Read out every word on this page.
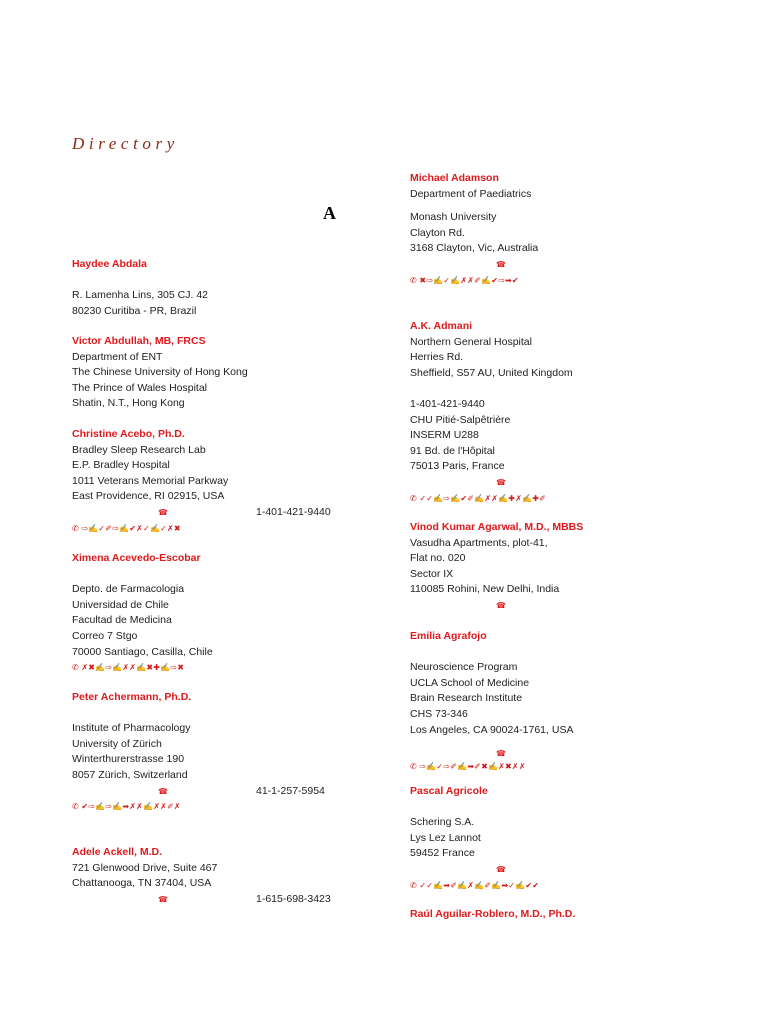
Directory
A
Haydee Abdala
R. Lamenha Lins, 305 CJ. 42
80230 Curitiba - PR, Brazil
Victor Abdullah, MB, FRCS
Department of ENT
The Chinese University of Hong Kong
The Prince of Wales Hospital
Shatin, N.T., Hong Kong
Christine Acebo, Ph.D.
Bradley Sleep Research Lab
E.P. Bradley Hospital
1011 Veterans Memorial Parkway
East Providence, RI 02915, USA
☎	1-401-421-9440
✆ ⇨✍✓✐⇨✍✔✗✓✍✓✗✖
Ximena Acevedo-Escobar
Depto. de Farmacologia
Universidad de Chile
Facultad de Medicina
Correo 7 Stgo
70000 Santiago, Casilla, Chile
✆ ✗✖✍⇨✍✗✗✍✖✚✍⇨✖
Peter Achermann, Ph.D.
Institute of Pharmacology
University of Zürich
Winterthurerstrasse 190
8057 Zürich, Switzerland
☎	41-1-257-5954
✆ ✔⇨✍⇨✍➡✗✗✍✗✗✐✗
Adele Ackell, M.D.
721 Glenwood Drive, Suite 467
Chattanooga, TN 37404, USA
☎	1-615-698-3423
Michael Adamson
Department of Paediatrics
Monash University
Clayton Rd.
3168 Clayton, Vic, Australia
☎
✆ ✖⇨✍✓✍✗✗✐✍✔⇨➡✔
A.K. Admani
Northern General Hospital
Herries Rd.
Sheffield, S57 AU, United Kingdom
1-401-421-9440
CHU Pitié-Salpêtrière
INSERM U288
91 Bd. de l'Hôpital
75013 Paris, France
☎
✆ ✓✓✍⇨✍✔✐✍✗✗✍✚✗✍✚✐
Vinod Kumar Agarwal, M.D., MBBS
Vasudha Apartments, plot-41,
Flat no. 020
Sector IX
110085 Rohini, New Delhi, India
☎
Emilia Agrafojo
Neuroscience Program
UCLA School of Medicine
Brain Research Institute
CHS 73-346
Los Angeles, CA 90024-1761, USA
☎
✆ ⇨✍✓⇨✐✍➡✐✖✍✗✖✗✗
Pascal Agricole
Schering S.A.
Lys Lez Lannot
59452 France
☎
✆ ✓✓✍➡✐✍✗✍✐✍➡✓✍✔✔
Raúl Aguilar-Roblero, M.D., Ph.D.
